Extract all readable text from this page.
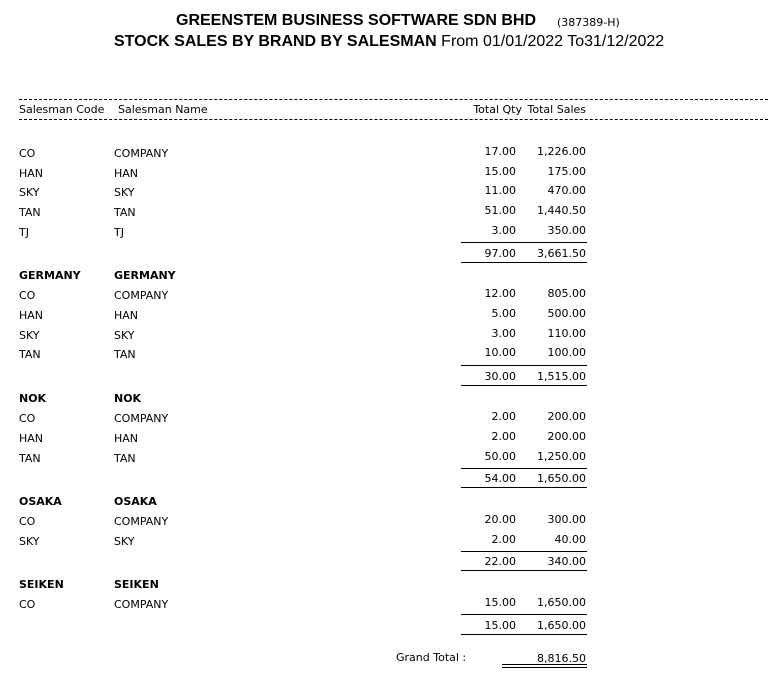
GREENSTEM BUSINESS SOFTWARE SDN BHD (387389-H)
STOCK SALES BY BRAND BY SALESMAN From 01/01/2022 To31/12/2022
Salesman Code Salesman Name	Total Qty Total Sales
CO	COMPANY	17.00	1,226.00
HAN	HAN	15.00	175.00
SKY	SKY	11.00	470.00
TAN	TAN	51.00	1,440.50
TJ	TJ	3.00	350.00
97.00	3,661.50
GERMANY	GERMANY
CO	COMPANY	12.00	805.00
HAN	HAN	5.00	500.00
SKY	SKY	3.00	110.00
TAN	TAN	10.00	100.00
30.00	1,515.00
NOK	NOK
CO	COMPANY	2.00	200.00
HAN	HAN	2.00	200.00
TAN	TAN	50.00	1,250.00
54.00	1,650.00
OSAKA	OSAKA
CO	COMPANY	20.00	300.00
SKY	SKY	2.00	40.00
22.00	340.00
SEIKEN	SEIKEN
CO	COMPANY	15.00	1,650.00
15.00	1,650.00
Grand Total :	8,816.50
